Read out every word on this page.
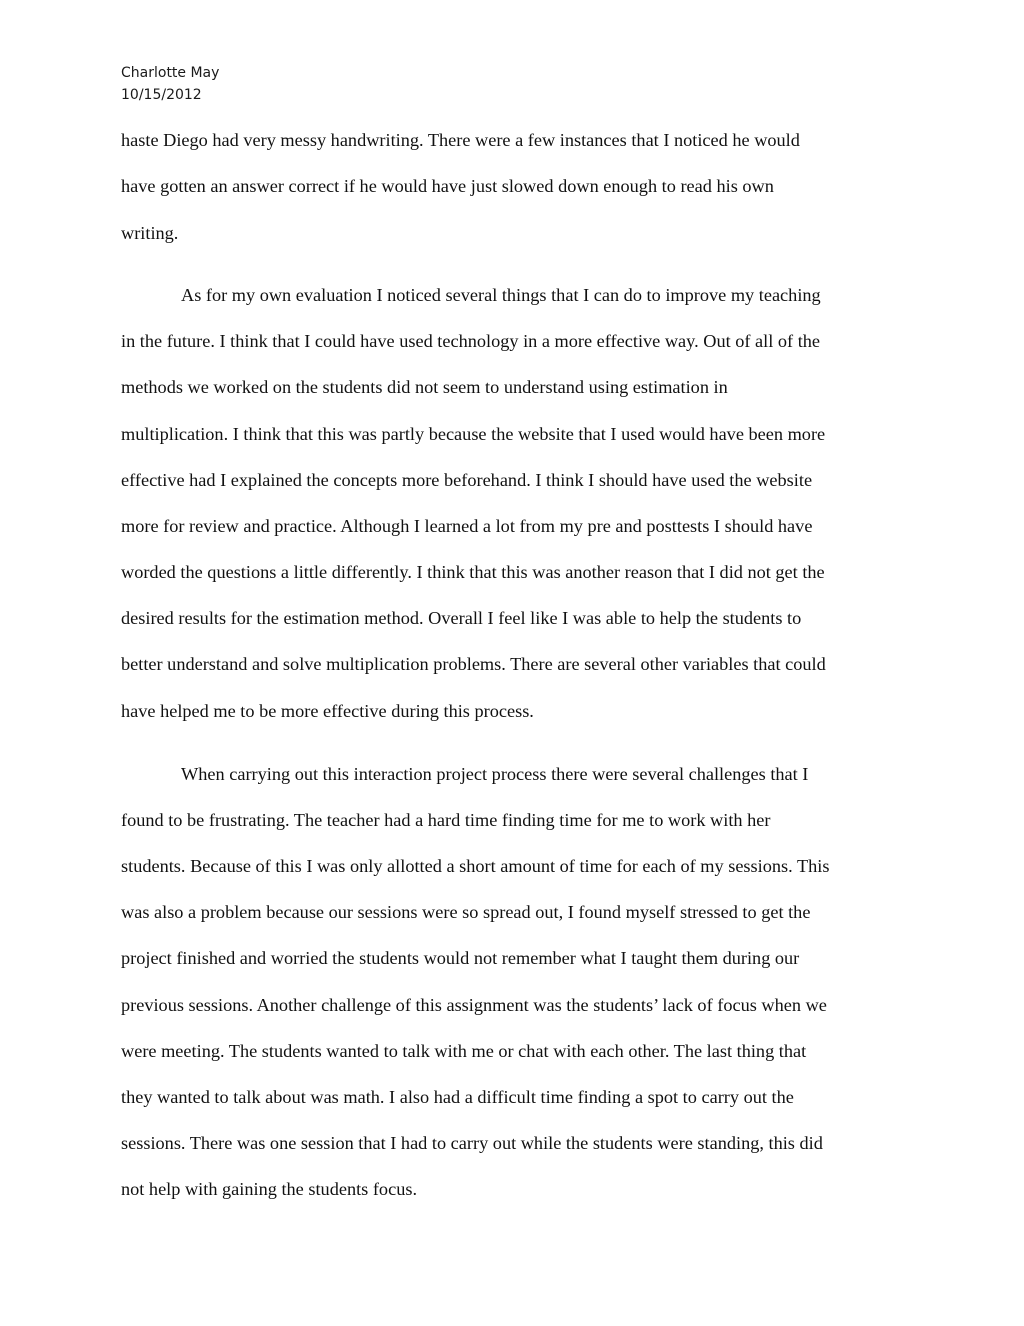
Charlotte May
10/15/2012
haste Diego had very messy handwriting. There were a few instances that I noticed he would
have gotten an answer correct if he would have just slowed down enough to read his own
writing.
As for my own evaluation I noticed several things that I can do to improve my teaching
in the future. I think that I could have used technology in a more effective way. Out of all of the
methods we worked on the students did not seem to understand using estimation in
multiplication. I think that this was partly because the website that I used would have been more
effective had I explained the concepts more beforehand. I think I should have used the website
more for review and practice. Although I learned a lot from my pre and posttests I should have
worded the questions a little differently. I think that this was another reason that I did not get the
desired results for the estimation method. Overall I feel like I was able to help the students to
better understand and solve multiplication problems. There are several other variables that could
have helped me to be more effective during this process.
When carrying out this interaction project process there were several challenges that I
found to be frustrating. The teacher had a hard time finding time for me to work with her
students. Because of this I was only allotted a short amount of time for each of my sessions. This
was also a problem because our sessions were so spread out, I found myself stressed to get the
project finished and worried the students would not remember what I taught them during our
previous sessions. Another challenge of this assignment was the students’ lack of focus when we
were meeting. The students wanted to talk with me or chat with each other. The last thing that
they wanted to talk about was math. I also had a difficult time finding a spot to carry out the
sessions. There was one session that I had to carry out while the students were standing, this did
not help with gaining the students focus.
